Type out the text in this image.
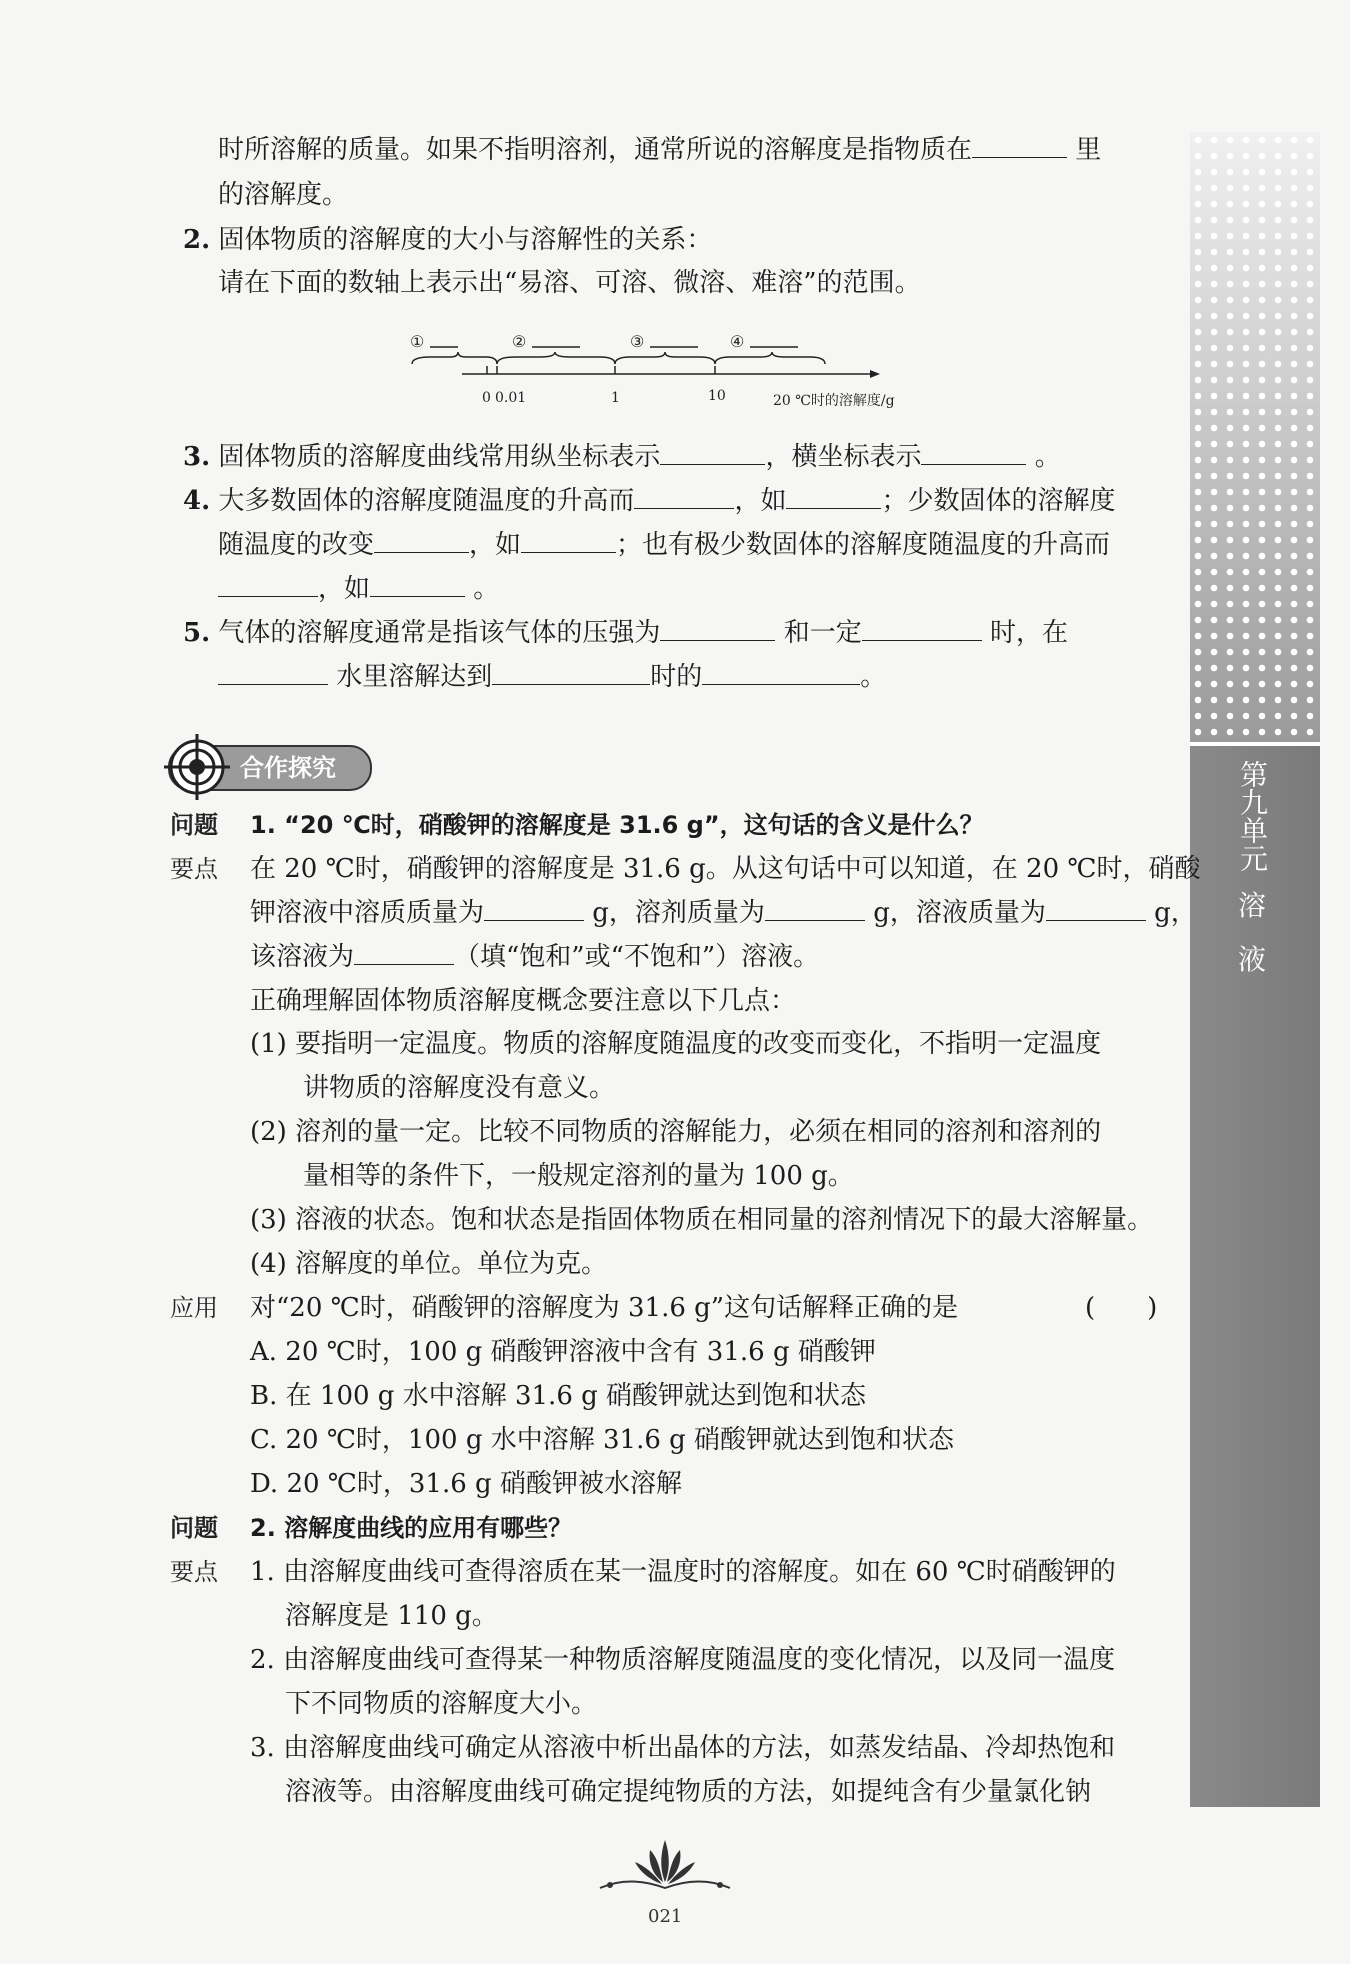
第九单元
溶
液
时所溶解的质量。如果不指明溶剂，通常所说的溶解度是指物质在	里
的溶解度。
2. 固体物质的溶解度的大小与溶解性的关系：
请在下面的数轴上表示出“易溶、可溶、微溶、难溶”的范围。
①	②	③	④
0 0.01	1	10	20 ℃时的溶解度/g
3. 固体物质的溶解度曲线常用纵坐标表示	，横坐标表示	。
4. 大多数固体的溶解度随温度的升高而	，如	；少数固体的溶解度
随温度的改变	，如	；也有极少数固体的溶解度随温度的升高而
，如	。
5. 气体的溶解度通常是指该气体的压强为	和一定	时，在
水里溶解达到	时的	。
合作探究
问题 1. “20 ℃时，硝酸钾的溶解度是 31.6 g”，这句话的含义是什么？
要点 在 20 ℃时，硝酸钾的溶解度是 31.6 g。从这句话中可以知道，在 20 ℃时，硝酸
钾溶液中溶质质量为	g，溶剂质量为	g，溶液质量为	g，
该溶液为	（填“饱和”或“不饱和”）溶液。
正确理解固体物质溶解度概念要注意以下几点：
(1) 要指明一定温度。物质的溶解度随温度的改变而变化，不指明一定温度
讲物质的溶解度没有意义。
(2) 溶剂的量一定。比较不同物质的溶解能力，必须在相同的溶剂和溶剂的
量相等的条件下，一般规定溶剂的量为 100 g。
(3) 溶液的状态。饱和状态是指固体物质在相同量的溶剂情况下的最大溶解量。
(4) 溶解度的单位。单位为克。
应用 对“20 ℃时，硝酸钾的溶解度为 31.6 g”这句话解释正确的是	(　　)
A. 20 ℃时，100 g 硝酸钾溶液中含有 31.6 g 硝酸钾
B. 在 100 g 水中溶解 31.6 g 硝酸钾就达到饱和状态
C. 20 ℃时，100 g 水中溶解 31.6 g 硝酸钾就达到饱和状态
D. 20 ℃时，31.6 g 硝酸钾被水溶解
问题 2. 溶解度曲线的应用有哪些？
要点 1. 由溶解度曲线可查得溶质在某一温度时的溶解度。如在 60 ℃时硝酸钾的
溶解度是 110 g。
2. 由溶解度曲线可查得某一种物质溶解度随温度的变化情况，以及同一温度
下不同物质的溶解度大小。
3. 由溶解度曲线可确定从溶液中析出晶体的方法，如蒸发结晶、冷却热饱和
溶液等。由溶解度曲线可确定提纯物质的方法，如提纯含有少量氯化钠
021
